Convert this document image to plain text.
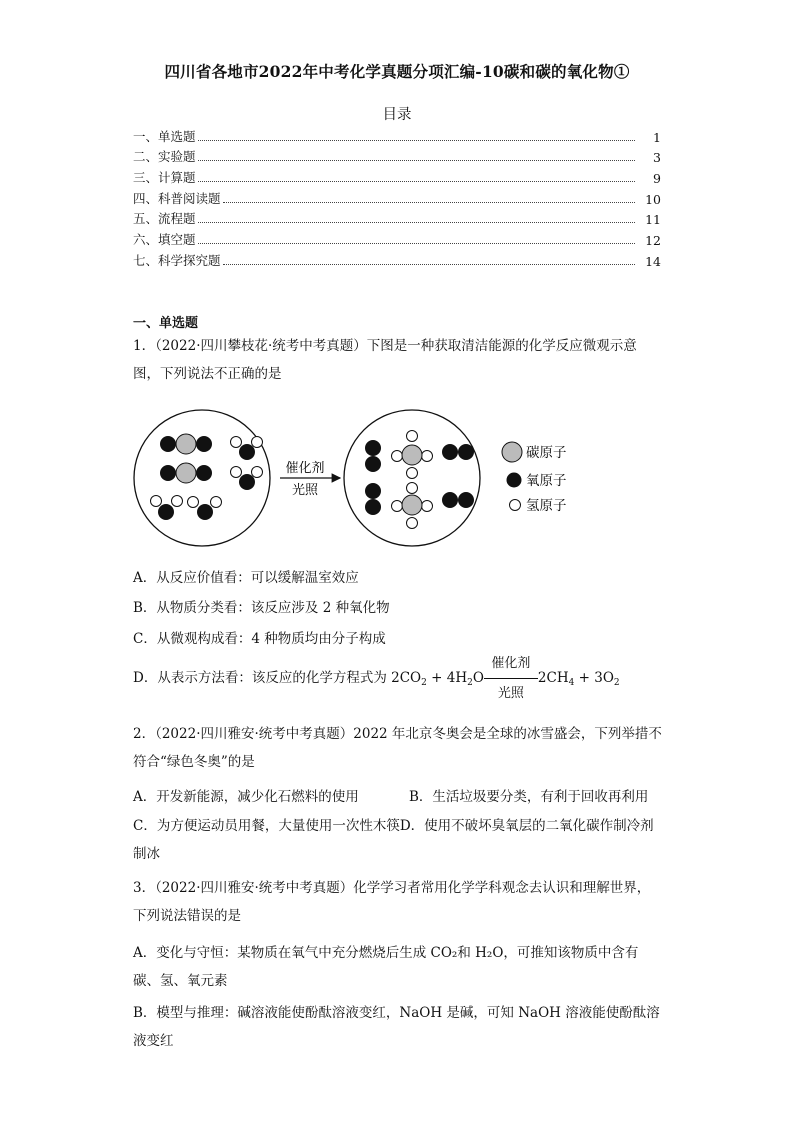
四川省各地市2022年中考化学真题分项汇编-10碳和碳的氧化物①
目录
一、单选题	1
二、实验题	3
三、计算题	9
四、科普阅读题	10
五、流程题	11
六、填空题	12
七、科学探究题	14
一、单选题
1．（2022·四川攀枝花·统考中考真题）下图是一种获取清洁能源的化学反应微观示意图，下列说法不正确的是
催化剂
光照
碳原子
氧原子
氢原子
A．从反应价值看：可以缓解温室效应
B．从物质分类看：该反应涉及 2 种氧化物
C．从微观构成看：4 种物质均由分子构成
D．从表示方法看：该反应的化学方程式为 $2CO_2 + 4H_2O$
催化剂
光照
$2CH_4 + 3O_2$
2．（2022·四川雅安·统考中考真题）2022 年北京冬奥会是全球的冰雪盛会，下列举措不符合“绿色冬奥”的是
A．开发新能源，减少化石燃料的使用	B．生活垃圾要分类，有利于回收再利用
C．为方便运动员用餐，大量使用一次性木筷D．使用不破坏臭氧层的二氧化碳作制冷剂制冰
3．（2022·四川雅安·统考中考真题）化学学习者常用化学学科观念去认识和理解世界，下列说法错误的是
A．变化与守恒：某物质在氧气中充分燃烧后生成 CO₂和 H₂O，可推知该物质中含有碳、氢、氧元素
B．模型与推理：碱溶液能使酚酞溶液变红，NaOH 是碱，可知 NaOH 溶液能使酚酞溶液变红
